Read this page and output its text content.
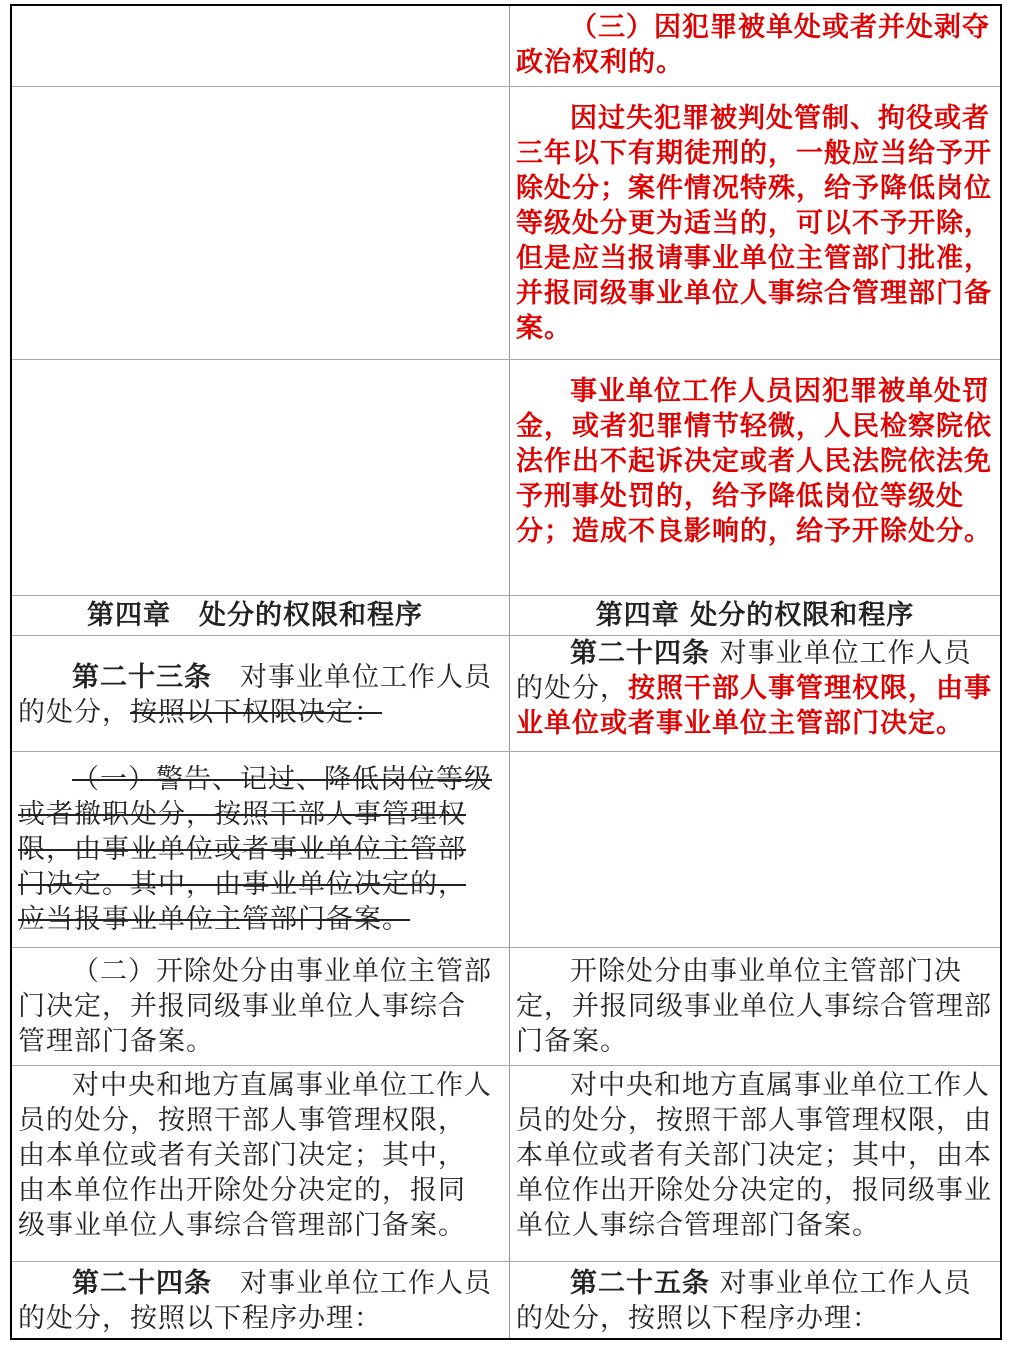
（三）因犯罪被单处或者并处剥夺政治权利的。

因过失犯罪被判处管制、拘役或者三年以下有期徒刑的，一般应当给予开除处分；案件情况特殊，给予降低岗位等级处分更为适当的，可以不予开除，但是应当报请事业单位主管部门批准，并报同级事业单位人事综合管理部门备案。

事业单位工作人员因犯罪被单处罚金，或者犯罪情节轻微，人民检察院依法作出不起诉决定或者人民法院依法免予刑事处罚的，给予降低岗位等级处分；造成不良影响的，给予开除处分。

第四章　处分的权限和程序	第四章 处分的权限和程序

第二十三条　对事业单位工作人员的处分，按照以下权限决定：

第二十四条 对事业单位工作人员的处分，按照干部人事管理权限，由事业单位或者事业单位主管部门决定。

（一）警告、记过、降低岗位等级或者撤职处分，按照干部人事管理权限，由事业单位或者事业单位主管部门决定。其中，由事业单位决定的，应当报事业单位主管部门备案。

（二）开除处分由事业单位主管部门决定，并报同级事业单位人事综合管理部门备案。

开除处分由事业单位主管部门决定，并报同级事业单位人事综合管理部门备案。

对中央和地方直属事业单位工作人员的处分，按照干部人事管理权限，由本单位或者有关部门决定；其中，由本单位作出开除处分决定的，报同级事业单位人事综合管理部门备案。

对中央和地方直属事业单位工作人员的处分，按照干部人事管理权限，由本单位或者有关部门决定；其中，由本单位作出开除处分决定的，报同级事业单位人事综合管理部门备案。

第二十四条　对事业单位工作人员的处分，按照以下程序办理：

第二十五条 对事业单位工作人员的处分，按照以下程序办理：
